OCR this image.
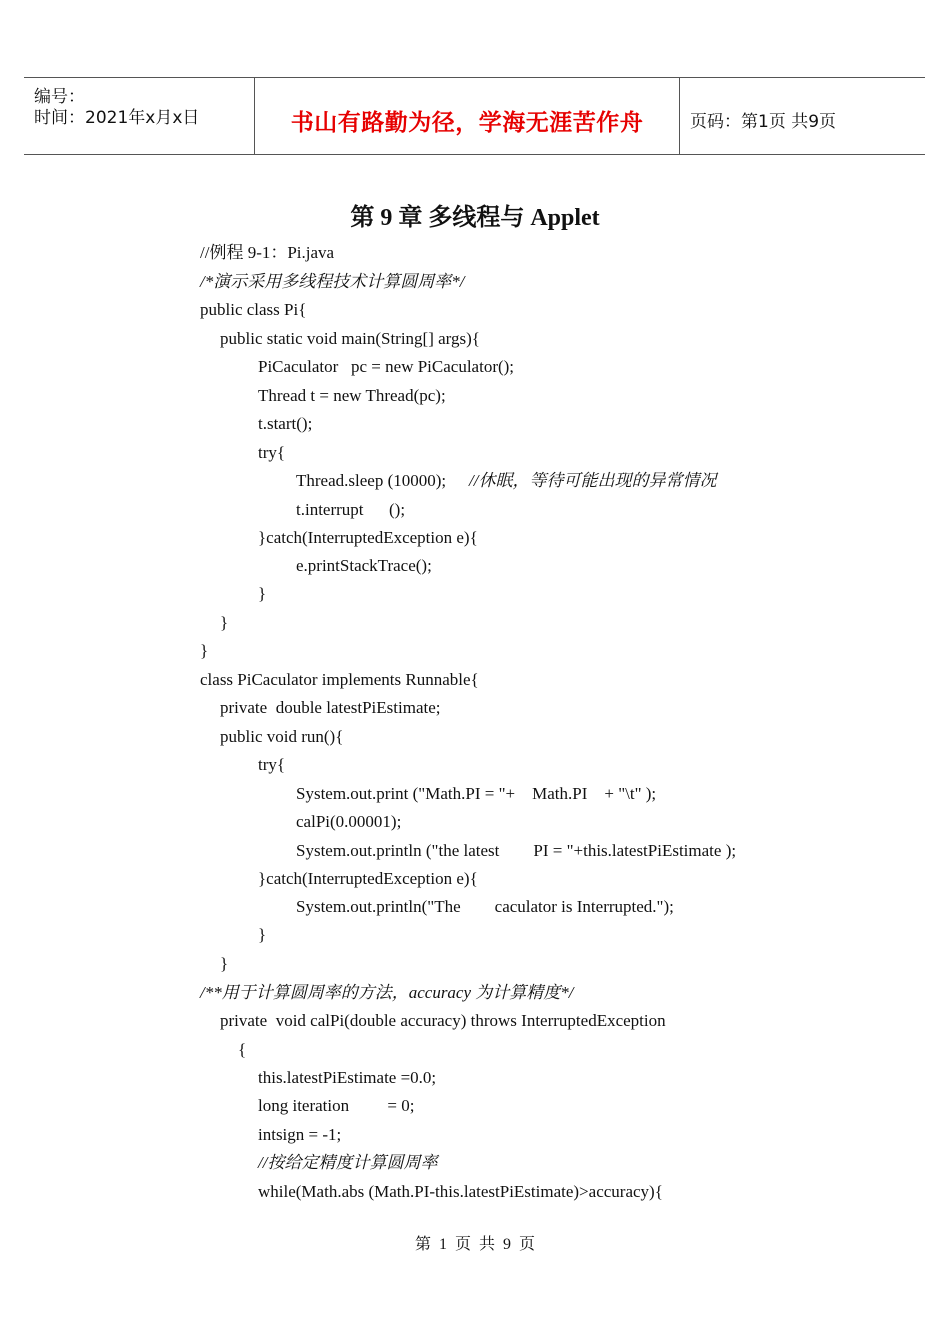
编号：
时间：2021年x月x日	书山有路勤为径，学海无涯苦作舟	页码：第1页 共9页
第 9 章 多线程与 Applet
//例程 9-1：Pi.java
/*演示采用多线程技术计算圆周率*/
public class Pi{
public static void main(String[] args){
PiCaculator   pc = new PiCaculator();
Thread t = new Thread(pc);
t.start();
try{
Thread.sleep (10000); //休眠，等待可能出现的异常情况
t.interrupt      ();
}catch(InterruptedException e){
e.printStackTrace();
}
}
}
class PiCaculator implements Runnable{
private  double latestPiEstimate;
public void run(){
try{
System.out.print ("Math.PI = "+    Math.PI    + "\t" );
calPi(0.00001);
System.out.println ("the latest        PI = "+this.latestPiEstimate );
}catch(InterruptedException e){
System.out.println("The        caculator is Interrupted.");
}
}
/**用于计算圆周率的方法，accuracy 为计算精度*/
private  void calPi(double accuracy) throws InterruptedException
{
this.latestPiEstimate =0.0;
long iteration         = 0;
intsign = -1;
//按给定精度计算圆周率
while(Math.abs (Math.PI-this.latestPiEstimate)>accuracy){
第  1  页  共  9  页
